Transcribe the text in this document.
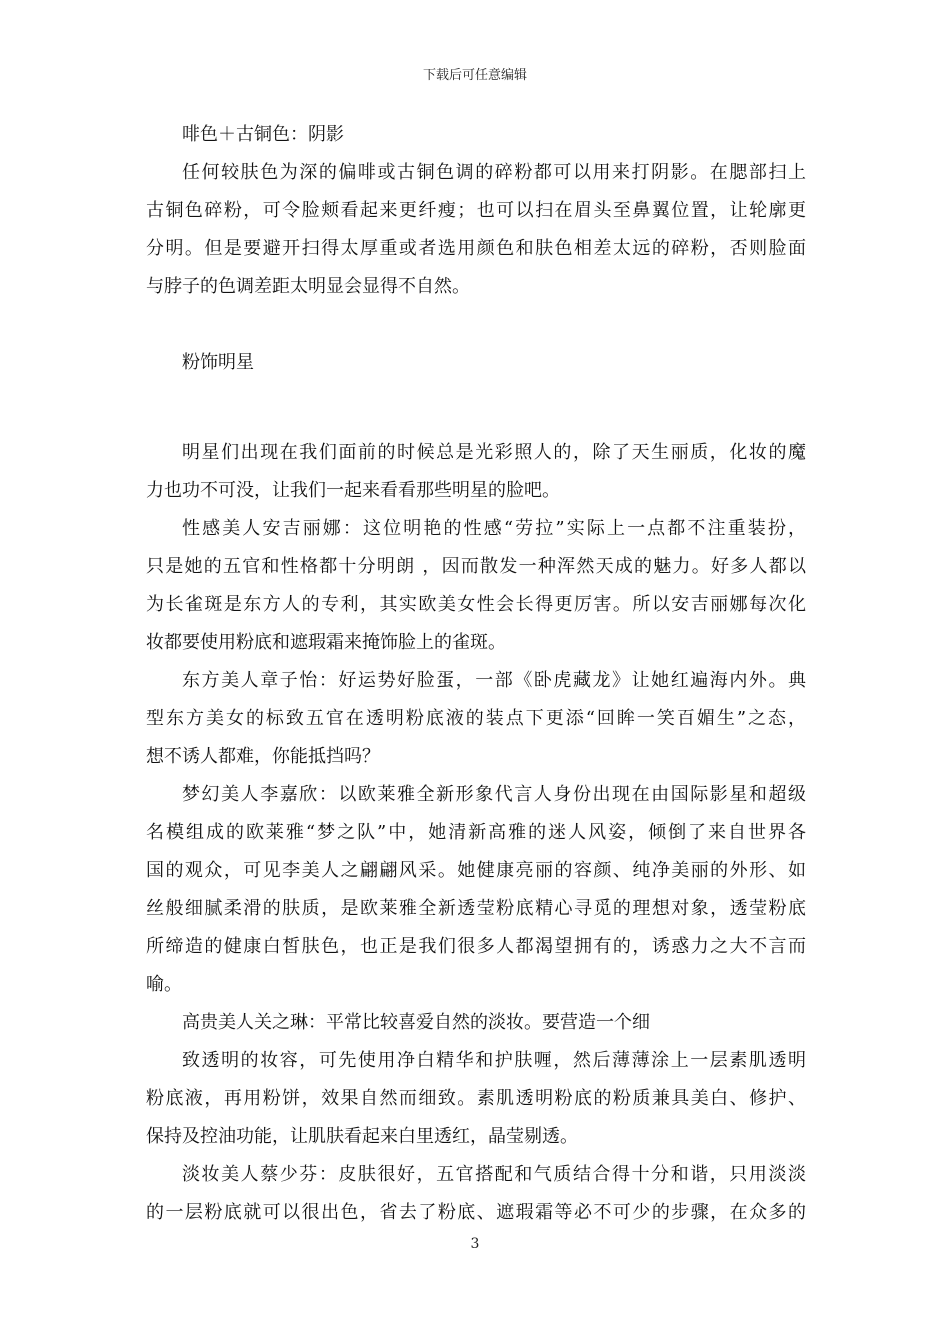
下载后可任意编辑
啡色＋古铜色：阴影
任何较肤色为深的偏啡或古铜色调的碎粉都可以用来打阴影。在腮部扫上
古铜色碎粉，可令脸颊看起来更纤瘦；也可以扫在眉头至鼻翼位置，让轮廓更
分明。但是要避开扫得太厚重或者选用颜色和肤色相差太远的碎粉，否则脸面
与脖子的色调差距太明显会显得不自然。
粉饰明星
明星们出现在我们面前的时候总是光彩照人的，除了天生丽质，化妆的魔
力也功不可没，让我们一起来看看那些明星的脸吧。
性感美人安吉丽娜：这位明艳的性感“劳拉”实际上一点都不注重装扮，
只是她的五官和性格都十分明朗 ，因而散发一种浑然天成的魅力。好多人都以
为长雀斑是东方人的专利，其实欧美女性会长得更厉害。所以安吉丽娜每次化
妆都要使用粉底和遮瑕霜来掩饰脸上的雀斑。
东方美人章子怡：好运势好脸蛋，一部《卧虎藏龙》让她红遍海内外。典
型东方美女的标致五官在透明粉底液的装点下更添“回眸一笑百媚生”之态，
想不诱人都难，你能抵挡吗？
梦幻美人李嘉欣：以欧莱雅全新形象代言人身份出现在由国际影星和超级
名模组成的欧莱雅“梦之队”中，她清新高雅的迷人风姿，倾倒了来自世界各
国的观众，可见李美人之翩翩风采。她健康亮丽的容颜、纯净美丽的外形、如
丝般细腻柔滑的肤质，是欧莱雅全新透莹粉底精心寻觅的理想对象，透莹粉底
所缔造的健康白皙肤色，也正是我们很多人都渴望拥有的，诱惑力之大不言而
喻。
高贵美人关之琳：平常比较喜爱自然的淡妆。要营造一个细
致透明的妆容，可先使用净白精华和护肤喱，然后薄薄涂上一层素肌透明
粉底液，再用粉饼，效果自然而细致。素肌透明粉底的粉质兼具美白、修护、
保持及控油功能，让肌肤看起来白里透红，晶莹剔透。
淡妆美人蔡少芬：皮肤很好，五官搭配和气质结合得十分和谐，只用淡淡
的一层粉底就可以很出色，省去了粉底、遮瑕霜等必不可少的步骤，在众多的
3
